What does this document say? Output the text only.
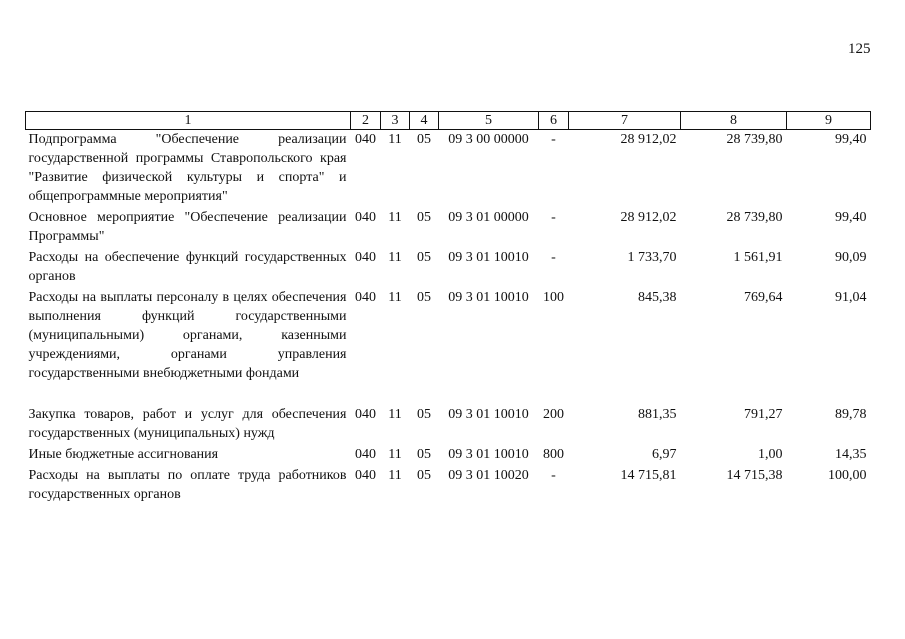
125
1	2	3	4	5	6	7	8	9
Подпрограмма "Обеспечение реализации государственной программы Ставропольского края "Развитие физической культуры и спорта" и общепрограммные мероприятия"	040	11	05	09 3 00 00000	-	28 912,02	28 739,80	99,40
Основное мероприятие "Обеспечение реализации Программы"	040	11	05	09 3 01 00000	-	28 912,02	28 739,80	99,40
Расходы на обеспечение функций государственных органов	040	11	05	09 3 01 10010	-	1 733,70	1 561,91	90,09
Расходы на выплаты персоналу в целях обеспечения выполнения функций государственными (муниципальными) органами, казенными учреждениями, органами управления государственными внебюджетными фондами	040	11	05	09 3 01 10010	100	845,38	769,64	91,04

Закупка товаров, работ и услуг для обеспечения государственных (муниципальных) нужд	040	11	05	09 3 01 10010	200	881,35	791,27	89,78
Иные бюджетные ассигнования	040	11	05	09 3 01 10010	800	6,97	1,00	14,35
Расходы на выплаты по оплате труда работников государственных органов	040	11	05	09 3 01 10020	-	14 715,81	14 715,38	100,00
